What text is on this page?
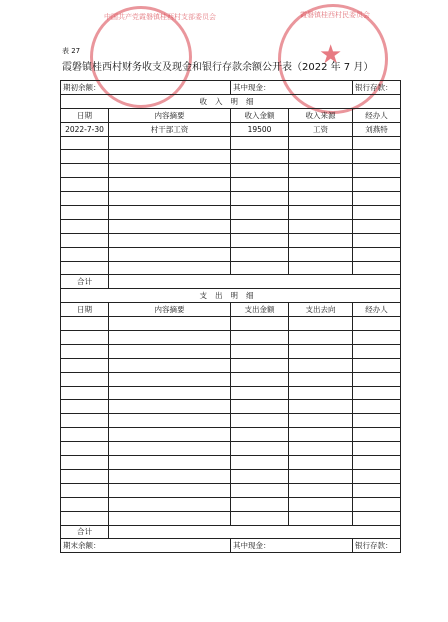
★
中国共产党霞磐镇桂西村支部委员会	霞磐镇桂西村民委员会
表 27
霞磐镇桂西村财务收支及现金和银行存款余额公开表（2022 年 7 月）
期初余额：		其中现金：		银行存款：
收入明细				
日期	内容摘要	收入金额	收入来源	经办人
2022-7-30	村干部工资	19500	工资	刘燕特

合计				
支出明细				
日期	内容摘要	支出金额	支出去向	经办人

合计				
期末余额：		其中现金：		银行存款：
